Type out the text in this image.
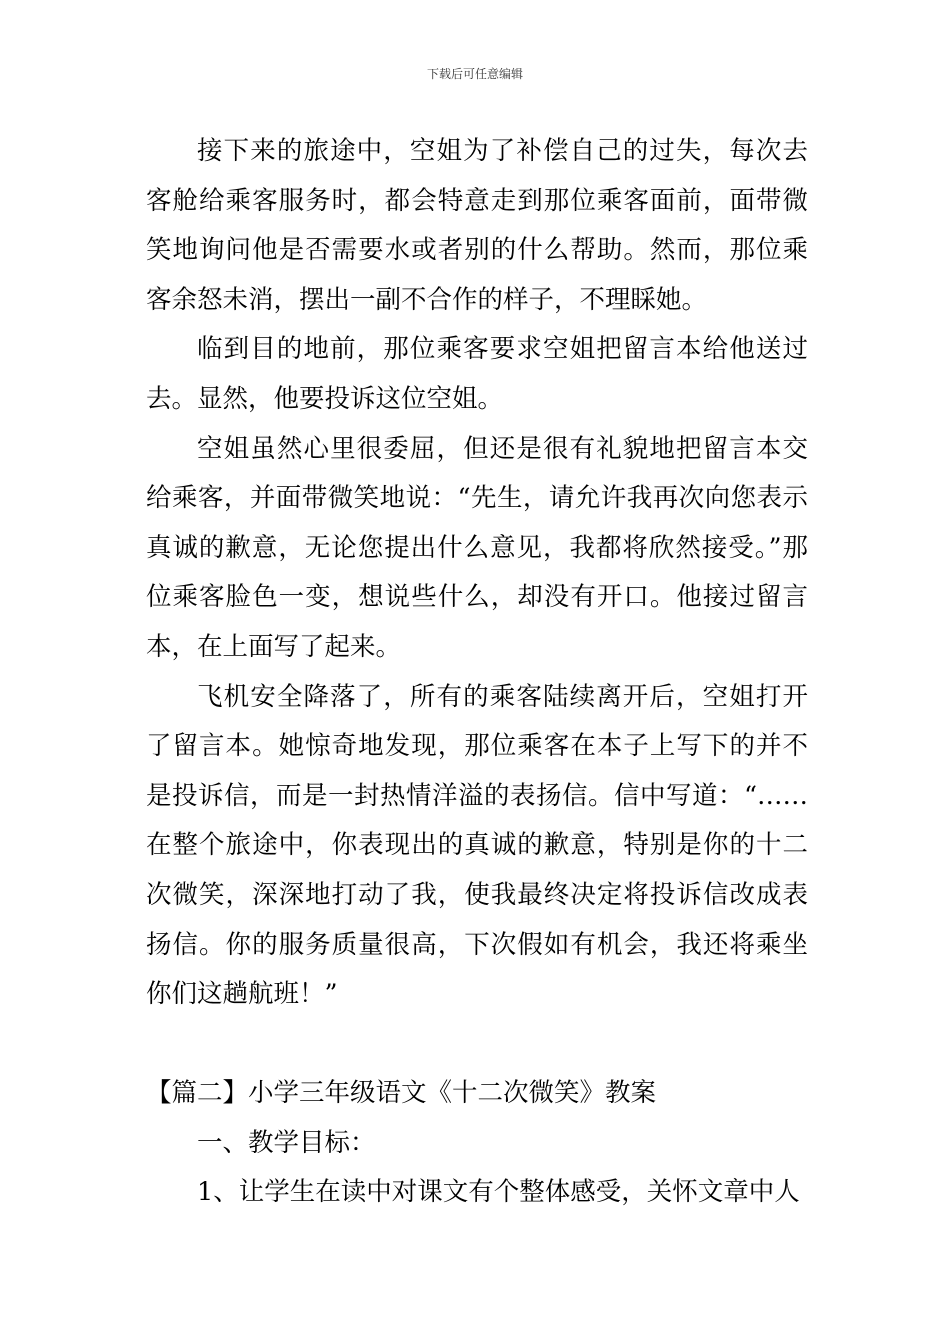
下载后可任意编辑

接下来的旅途中，空姐为了补偿自己的过失，每次去客舱给乘客服务时，都会特意走到那位乘客面前，面带微笑地询问他是否需要水或者别的什么帮助。然而，那位乘客余怒未消，摆出一副不合作的样子，不理睬她。

临到目的地前，那位乘客要求空姐把留言本给他送过去。显然，他要投诉这位空姐。

空姐虽然心里很委屈，但还是很有礼貌地把留言本交给乘客，并面带微笑地说：“先生，请允许我再次向您表示真诚的歉意，无论您提出什么意见，我都将欣然接受。”那位乘客脸色一变，想说些什么，却没有开口。他接过留言本，在上面写了起来。

飞机安全降落了，所有的乘客陆续离开后，空姐打开了留言本。她惊奇地发现，那位乘客在本子上写下的并不是投诉信，而是一封热情洋溢的表扬信。信中写道：“……在整个旅途中，你表现出的真诚的歉意，特别是你的十二次微笑，深深地打动了我，使我最终决定将投诉信改成表扬信。你的服务质量很高，下次假如有机会，我还将乘坐你们这趟航班！”

【篇二】小学三年级语文《十二次微笑》教案

一、教学目标：

1、让学生在读中对课文有个整体感受，关怀文章中人
